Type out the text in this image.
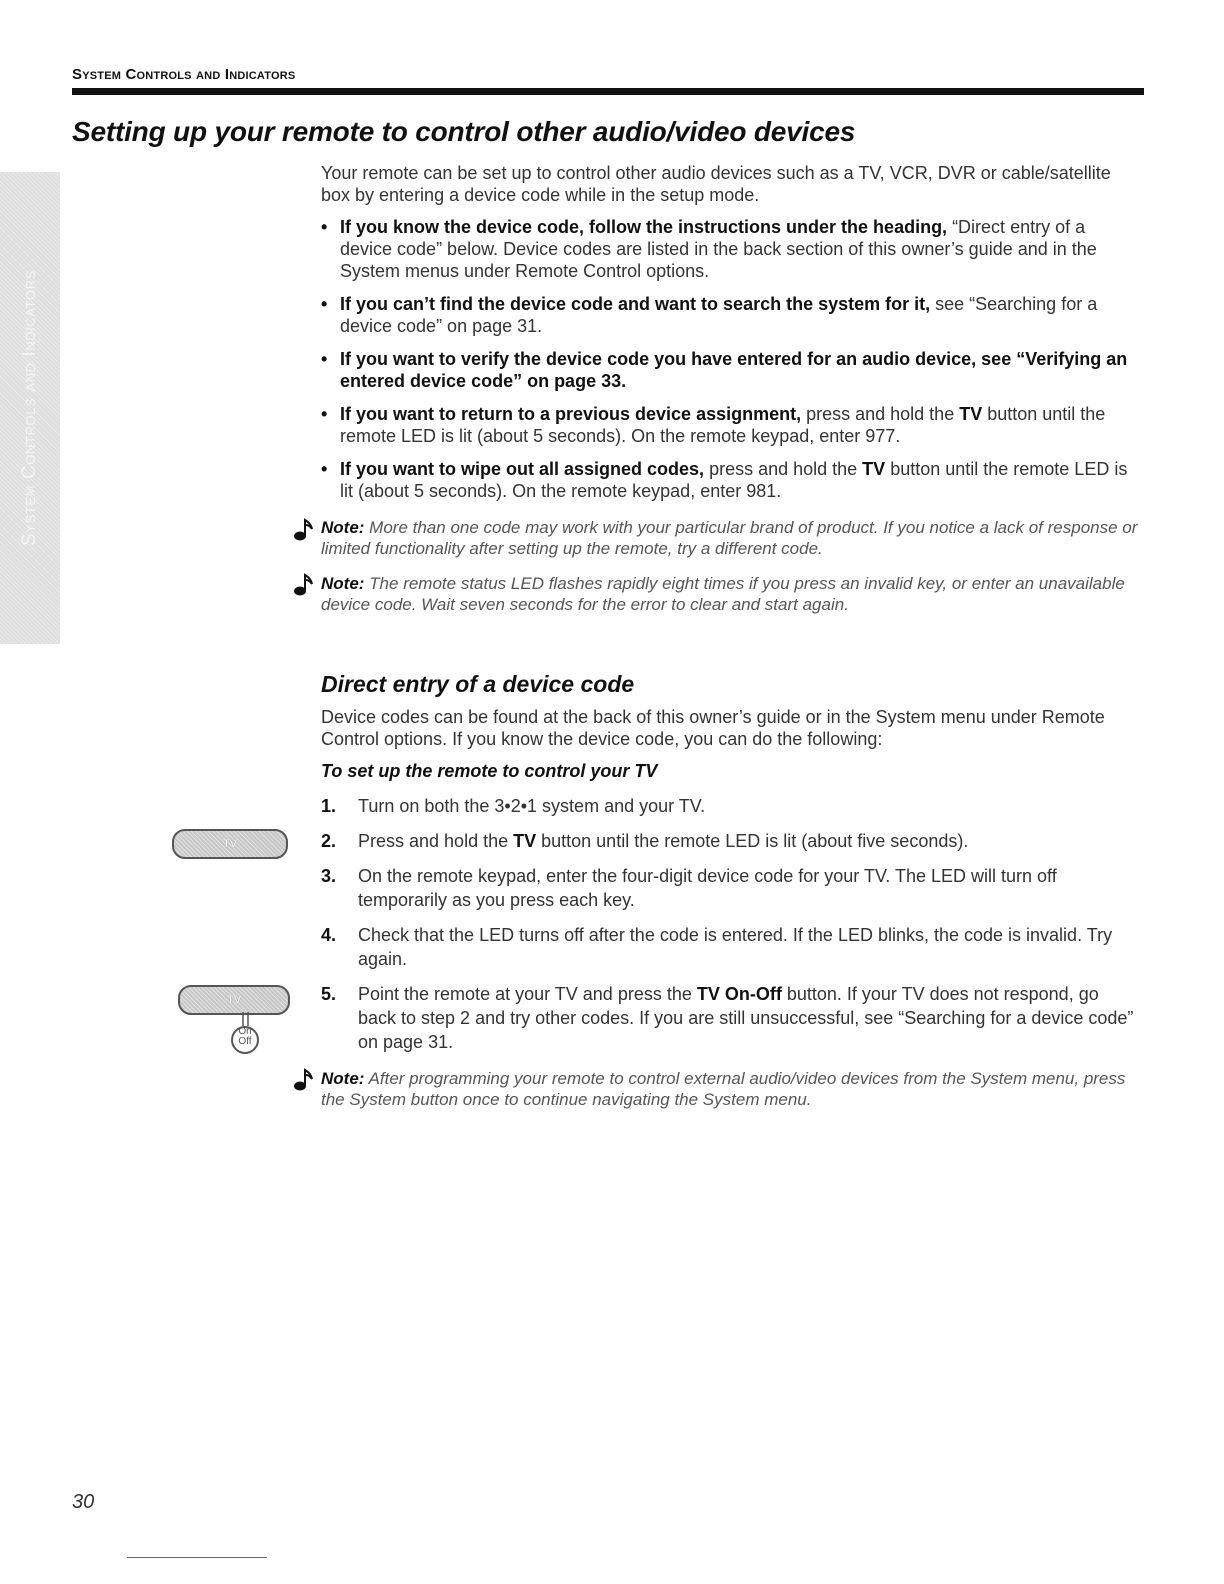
System Controls and Indicators
System Controls and Indicators
Setting up your remote to control other audio/video devices
Your remote can be set up to control other audio devices such as a TV, VCR, DVR or cable/satellite box by entering a device code while in the setup mode.
• If you know the device code, follow the instructions under the heading, “Direct entry of a device code” below. Device codes are listed in the back section of this owner’s guide and in the System menus under Remote Control options.
• If you can’t find the device code and want to search the system for it, see “Searching for a device code” on page 31.
• If you want to verify the device code you have entered for an audio device, see “Verifying an entered device code” on page 33.
• If you want to return to a previous device assignment, press and hold the TV button until the remote LED is lit (about 5 seconds). On the remote keypad, enter 977.
• If you want to wipe out all assigned codes, press and hold the TV button until the remote LED is lit (about 5 seconds). On the remote keypad, enter 981.
Note: More than one code may work with your particular brand of product. If you notice a lack of response or limited functionality after setting up the remote, try a different code.
Note: The remote status LED flashes rapidly eight times if you press an invalid key, or enter an unavailable device code. Wait seven seconds for the error to clear and start again.
Direct entry of a device code
Device codes can be found at the back of this owner’s guide or in the System menu under Remote Control options. If you know the device code, you can do the following:
To set up the remote to control your TV
1. Turn on both the 3•2•1 system and your TV.
2. Press and hold the TV button until the remote LED is lit (about five seconds).
3. On the remote keypad, enter the four-digit device code for your TV. The LED will turn off temporarily as you press each key.
4. Check that the LED turns off after the code is entered. If the LED blinks, the code is invalid. Try again.
5. Point the remote at your TV and press the TV On-Off button. If your TV does not respond, go back to step 2 and try other codes. If you are still unsuccessful, see “Searching for a device code” on page 31.
TV
TV
On
Off
Note: After programming your remote to control external audio/video devices from the System menu, press the System button once to continue navigating the System menu.
30
